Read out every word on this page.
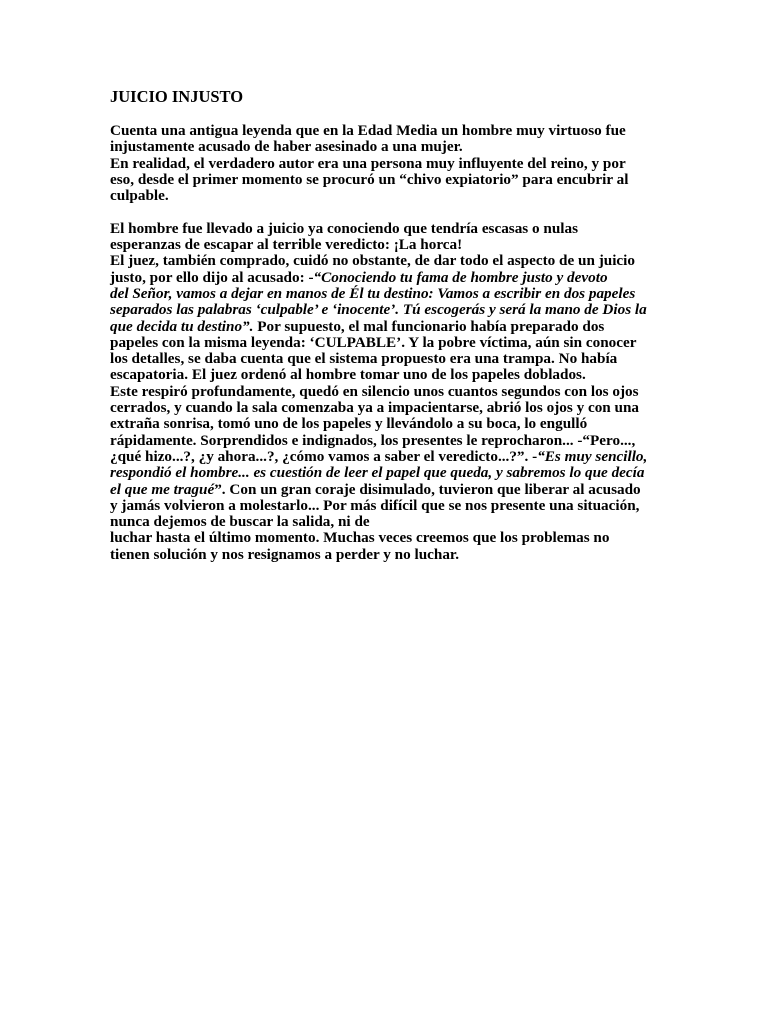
JUICIO INJUSTO
Cuenta una antigua leyenda que en la Edad Media un hombre muy virtuoso fue
injustamente acusado de haber asesinado a una mujer.
En realidad, el verdadero autor era una persona muy influyente del reino, y por
eso, desde el primer momento se procuró un “chivo expiatorio” para encubrir al
culpable.
El hombre fue llevado a juicio ya conociendo que tendría escasas o nulas
esperanzas de escapar al terrible veredicto: ¡La horca!
El juez, también comprado, cuidó no obstante, de dar todo el aspecto de un juicio
justo, por ello dijo al acusado: -“Conociendo tu fama de hombre justo y devoto
del Señor, vamos a dejar en manos de Él tu destino: Vamos a escribir en dos papeles
separados las palabras ‘culpable’ e ‘inocente’. Tú escogerás y será la mano de Dios la
que decida tu destino”. Por supuesto, el mal funcionario había preparado dos
papeles con la misma leyenda: ‘CULPABLE’. Y la pobre víctima, aún sin conocer
los detalles, se daba cuenta que el sistema propuesto era una trampa. No había
escapatoria. El juez ordenó al hombre tomar uno de los papeles doblados.
Este respiró profundamente, quedó en silencio unos cuantos segundos con los ojos
cerrados, y cuando la sala comenzaba ya a impacientarse, abrió los ojos y con una
extraña sonrisa, tomó uno de los papeles y llevándolo a su boca, lo engulló
rápidamente. Sorprendidos e indignados, los presentes le reprocharon... -“Pero...,
¿qué hizo...?, ¿y ahora...?, ¿cómo vamos a saber el veredicto...?”. -“Es muy sencillo,
respondió el hombre... es cuestión de leer el papel que queda, y sabremos lo que decía
el que me tragué”. Con un gran coraje disimulado, tuvieron que liberar al acusado
y jamás volvieron a molestarlo... Por más difícil que se nos presente una situación,
nunca dejemos de buscar la salida, ni de
luchar hasta el último momento. Muchas veces creemos que los problemas no
tienen solución y nos resignamos a perder y no luchar.
